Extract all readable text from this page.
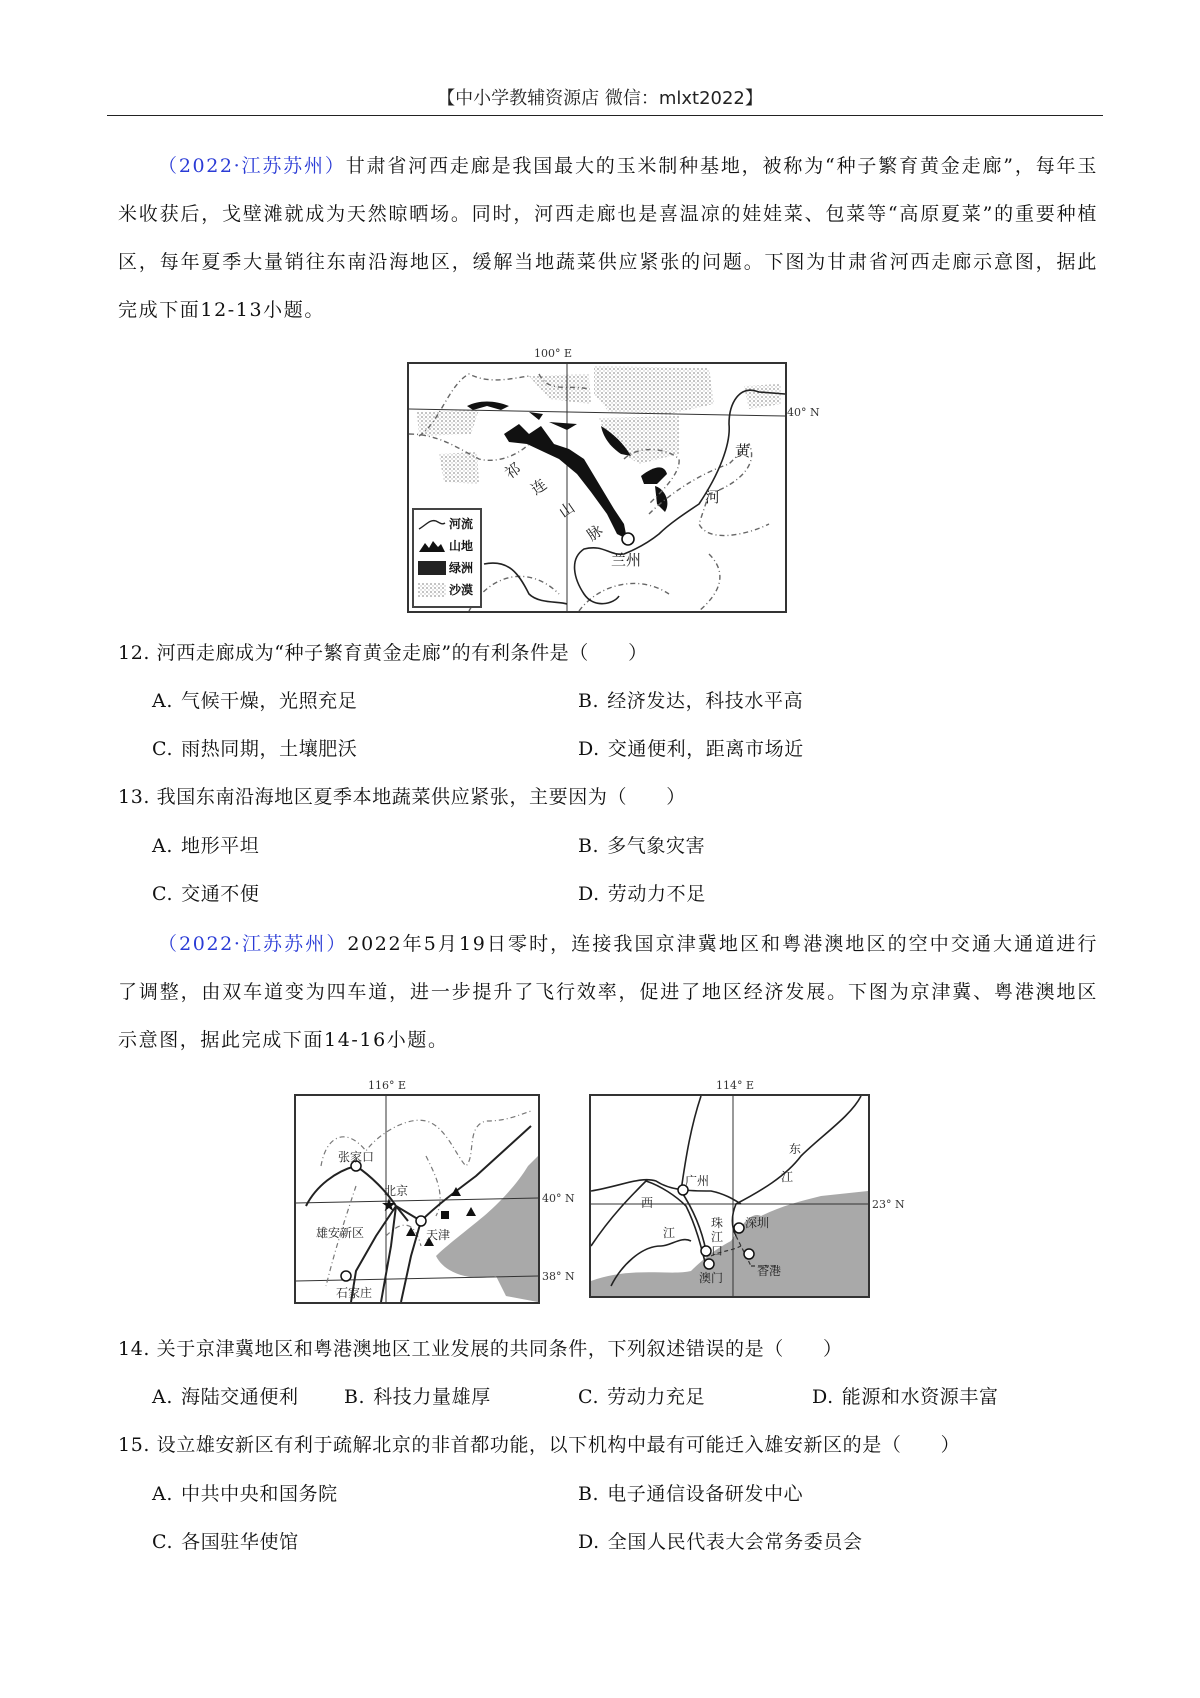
【中小学教辅资源店 微信：mlxt2022】
（2022·江苏苏州）甘肃省河西走廊是我国最大的玉米制种基地，被称为“种子繁育黄金走廊”，每年玉米收获后，戈壁滩就成为天然晾晒场。同时，河西走廊也是喜温凉的娃娃菜、包菜等“高原夏菜”的重要种植区，每年夏季大量销往东南沿海地区，缓解当地蔬菜供应紧张的问题。下图为甘肃省河西走廊示意图，据此完成下面12-13小题。
100° E
40° N
祁
连
山
脉
兰州
黄
河
河流
山地
绿洲
沙漠
12. 河西走廊成为“种子繁育黄金走廊”的有利条件是（　　）
A. 气候干燥，光照充足	B. 经济发达，科技水平高
C. 雨热同期，土壤肥沃	D. 交通便利，距离市场近
13. 我国东南沿海地区夏季本地蔬菜供应紧张，主要因为（　　）
A. 地形平坦	B. 多气象灾害
C. 交通不便	D. 劳动力不足
（2022·江苏苏州）2022年5月19日零时，连接我国京津冀地区和粤港澳地区的空中交通大通道进行了调整，由双车道变为四车道，进一步提升了飞行效率，促进了地区经济发展。下图为京津冀、粤港澳地区示意图，据此完成下面14-16小题。
★
116° E
40° N
38° N
张家口
北京
雄安新区	天津
石家庄
114° E
23° N
广州
深圳
澳门	香港
西
江
东
江
珠
江
口
14. 关于京津冀地区和粤港澳地区工业发展的共同条件，下列叙述错误的是（　　）
A. 海陆交通便利 B. 科技力量雄厚	C. 劳动力充足	D. 能源和水资源丰富
15. 设立雄安新区有利于疏解北京的非首都功能，以下机构中最有可能迁入雄安新区的是（　　）
A. 中共中央和国务院	B. 电子通信设备研发中心
C. 各国驻华使馆	D. 全国人民代表大会常务委员会
